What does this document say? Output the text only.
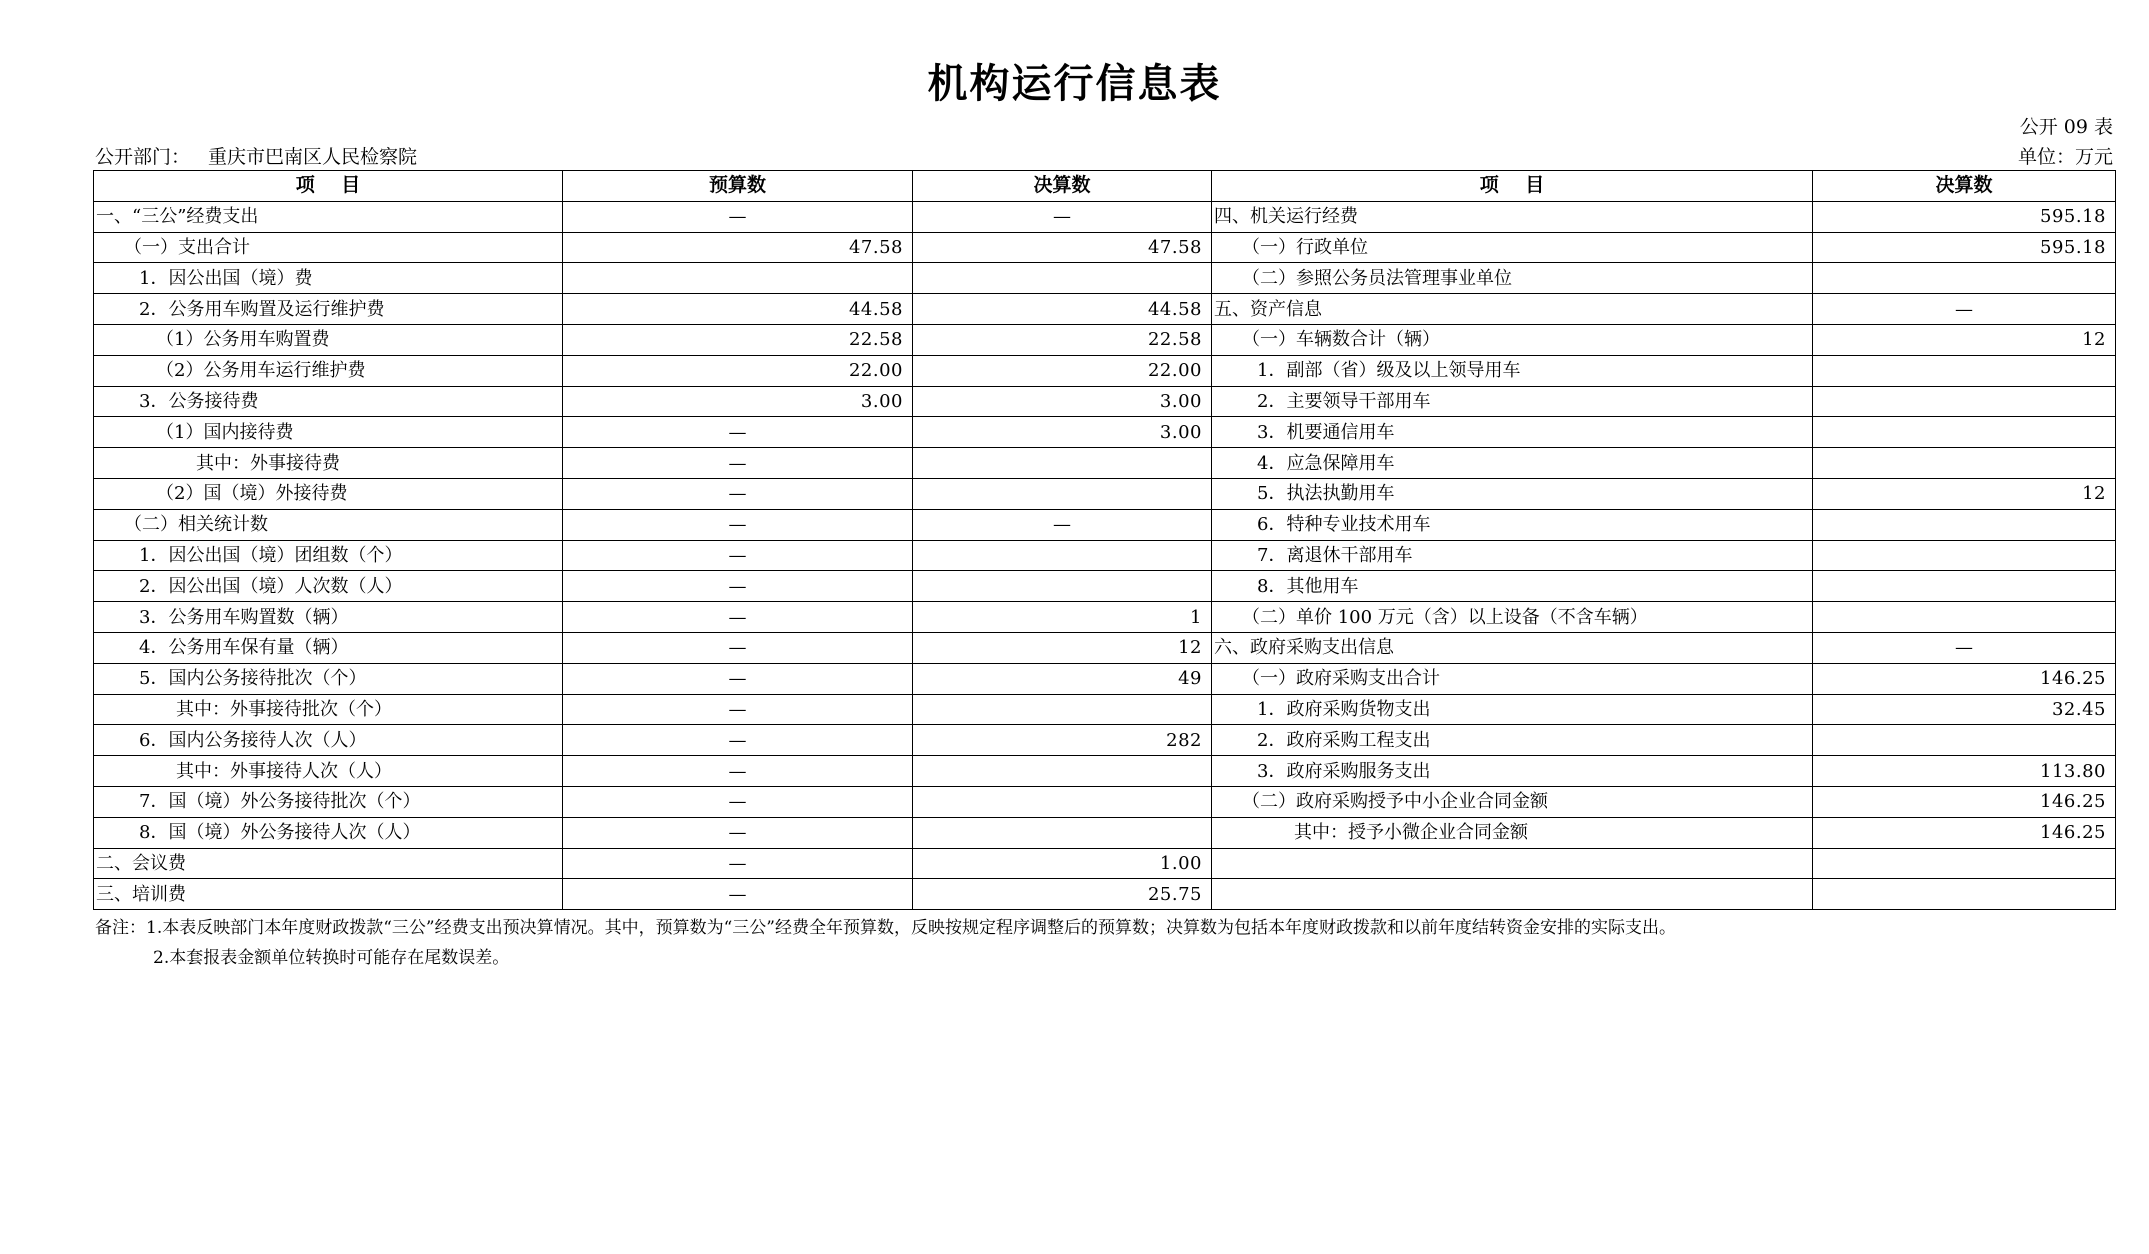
机构运行信息表
公开 09 表
公开部门： 重庆市巴南区人民检察院	单位：万元
项    目	预算数	决算数	项    目	决算数
一、“三公”经费支出	—	—	四、机关运行经费	595.18
（一）支出合计	47.58	47.58	（一）行政单位	595.18
1．因公出国（境）费			（二）参照公务员法管理事业单位	
2．公务用车购置及运行维护费	44.58	44.58	五、资产信息	—
（1）公务用车购置费	22.58	22.58	（一）车辆数合计（辆）	12
（2）公务用车运行维护费	22.00	22.00	1．副部（省）级及以上领导用车	
3．公务接待费	3.00	3.00	2．主要领导干部用车	
（1）国内接待费	—	3.00	3．机要通信用车	
其中：外事接待费	—		4．应急保障用车	
（2）国（境）外接待费	—		5．执法执勤用车	12
（二）相关统计数	—	—	6．特种专业技术用车	
1．因公出国（境）团组数（个）	—		7．离退休干部用车	
2．因公出国（境）人次数（人）	—		8．其他用车	
3．公务用车购置数（辆）	—	1	（二）单价 100 万元（含）以上设备（不含车辆）	
4．公务用车保有量（辆）	—	12	六、政府采购支出信息	—
5．国内公务接待批次（个）	—	49	（一）政府采购支出合计	146.25
其中：外事接待批次（个）	—		1．政府采购货物支出	32.45
6．国内公务接待人次（人）	—	282	2．政府采购工程支出	
其中：外事接待人次（人）	—		3．政府采购服务支出	113.80
7．国（境）外公务接待批次（个）	—		（二）政府采购授予中小企业合同金额	146.25
8．国（境）外公务接待人次（人）	—		其中：授予小微企业合同金额	146.25
二、会议费	—	1.00		
三、培训费	—	25.75		
备注：1.本表反映部门本年度财政拨款“三公”经费支出预决算情况。其中，预算数为“三公”经费全年预算数，反映按规定程序调整后的预算数；决算数为包括本年度财政拨款和以前年度结转资金安排的实际支出。
2.本套报表金额单位转换时可能存在尾数误差。
